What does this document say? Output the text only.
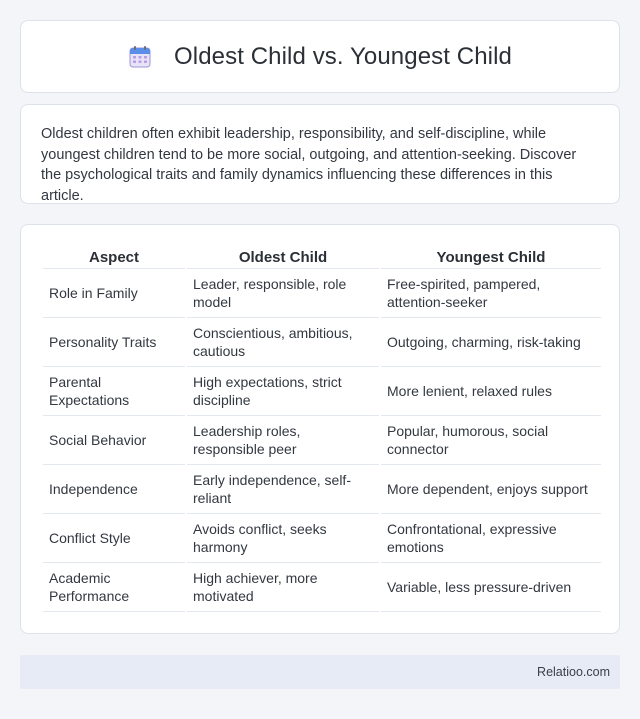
Oldest Child vs. Youngest Child

Oldest children often exhibit leadership, responsibility, and self-discipline, while youngest children tend to be more social, outgoing, and attention-seeking. Discover the psychological traits and family dynamics influencing these differences in this article.

Aspect	Oldest Child	Youngest Child
Role in Family	Leader, responsible, role model	Free-spirited, pampered, attention-seeker
Personality Traits	Conscientious, ambitious, cautious	Outgoing, charming, risk-taking
Parental Expectations	High expectations, strict discipline	More lenient, relaxed rules
Social Behavior	Leadership roles, responsible peer	Popular, humorous, social connector
Independence	Early independence, self-reliant	More dependent, enjoys support
Conflict Style	Avoids conflict, seeks harmony	Confrontational, expressive emotions
Academic Performance	High achiever, more motivated	Variable, less pressure-driven
Relatioo.com
